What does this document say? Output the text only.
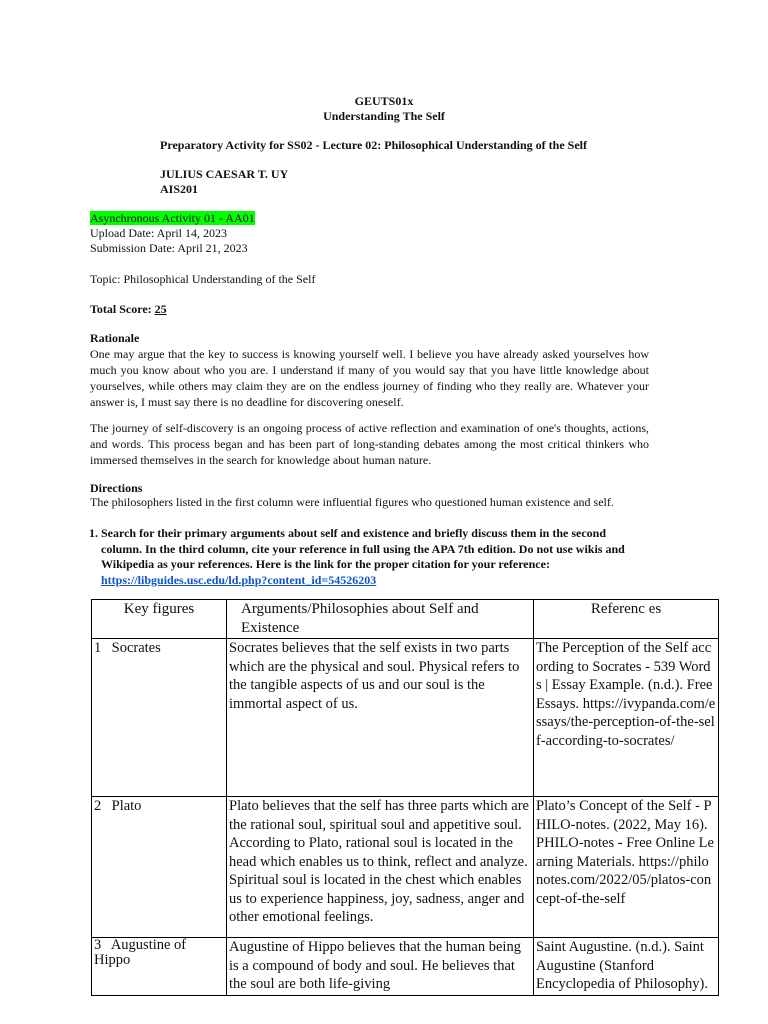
GEUTS01x
Understanding The Self
Preparatory Activity for SS02 - Lecture 02: Philosophical Understanding of the Self
JULIUS CAESAR T. UY
AIS201
Asynchronous Activity 01 - AA01
Upload Date: April 14, 2023
Submission Date: April 21, 2023
Topic: Philosophical Understanding of the Self
Total Score: 25
Rationale
One may argue that the key to success is knowing yourself well. I believe you have already asked yourselves how much you know about who you are. I understand if many of you would say that you have little knowledge about yourselves, while others may claim they are on the endless journey of finding who they really are. Whatever your answer is, I must say there is no deadline for discovering oneself.
The journey of self-discovery is an ongoing process of active reflection and examination of one's thoughts, actions, and words. This process began and has been part of long-standing debates among the most critical thinkers who immersed themselves in the search for knowledge about human nature.
Directions
The philosophers listed in the first column were influential figures who questioned human existence and self.
1. Search for their primary arguments about self and existence and briefly discuss them in the second column. In the third column, cite your reference in full using the APA 7th edition. Do not use wikis and Wikipedia as your references. Here is the link for the proper citation for your reference:
https://libguides.usc.edu/ld.php?content_id=54526203
Key figures	Arguments/Philosophies about Self and Existence	Referenc es
1 Socrates	Socrates believes that the self exists in two parts which are the physical and soul. Physical refers to the tangible aspects of us and our soul is the immortal aspect of us.	The Perception of the Self according to Socrates - 539 Words | Essay Example. (n.d.). Free Essays. https://ivypanda.com/essays/the-perception-of-the-self-according-to-socrates/
2 Plato	Plato believes that the self has three parts which are the rational soul, spiritual soul and appetitive soul. According to Plato, rational soul is located in the head which enables us to think, reflect and analyze. Spiritual soul is located in the chest which enables us to experience happiness, joy, sadness, anger and other emotional feelings.	Plato’s Concept of the Self - PHILO-notes. (2022, May 16). PHILO-notes - Free Online Learning Materials. https://philonotes.com/2022/05/platos-concept-of-the-self
3 Augustine of Hippo	Augustine of Hippo believes that the human being is a compound of body and soul. He believes that the soul are both life-giving	Saint Augustine. (n.d.). Saint Augustine (Stanford Encyclopedia of Philosophy).
